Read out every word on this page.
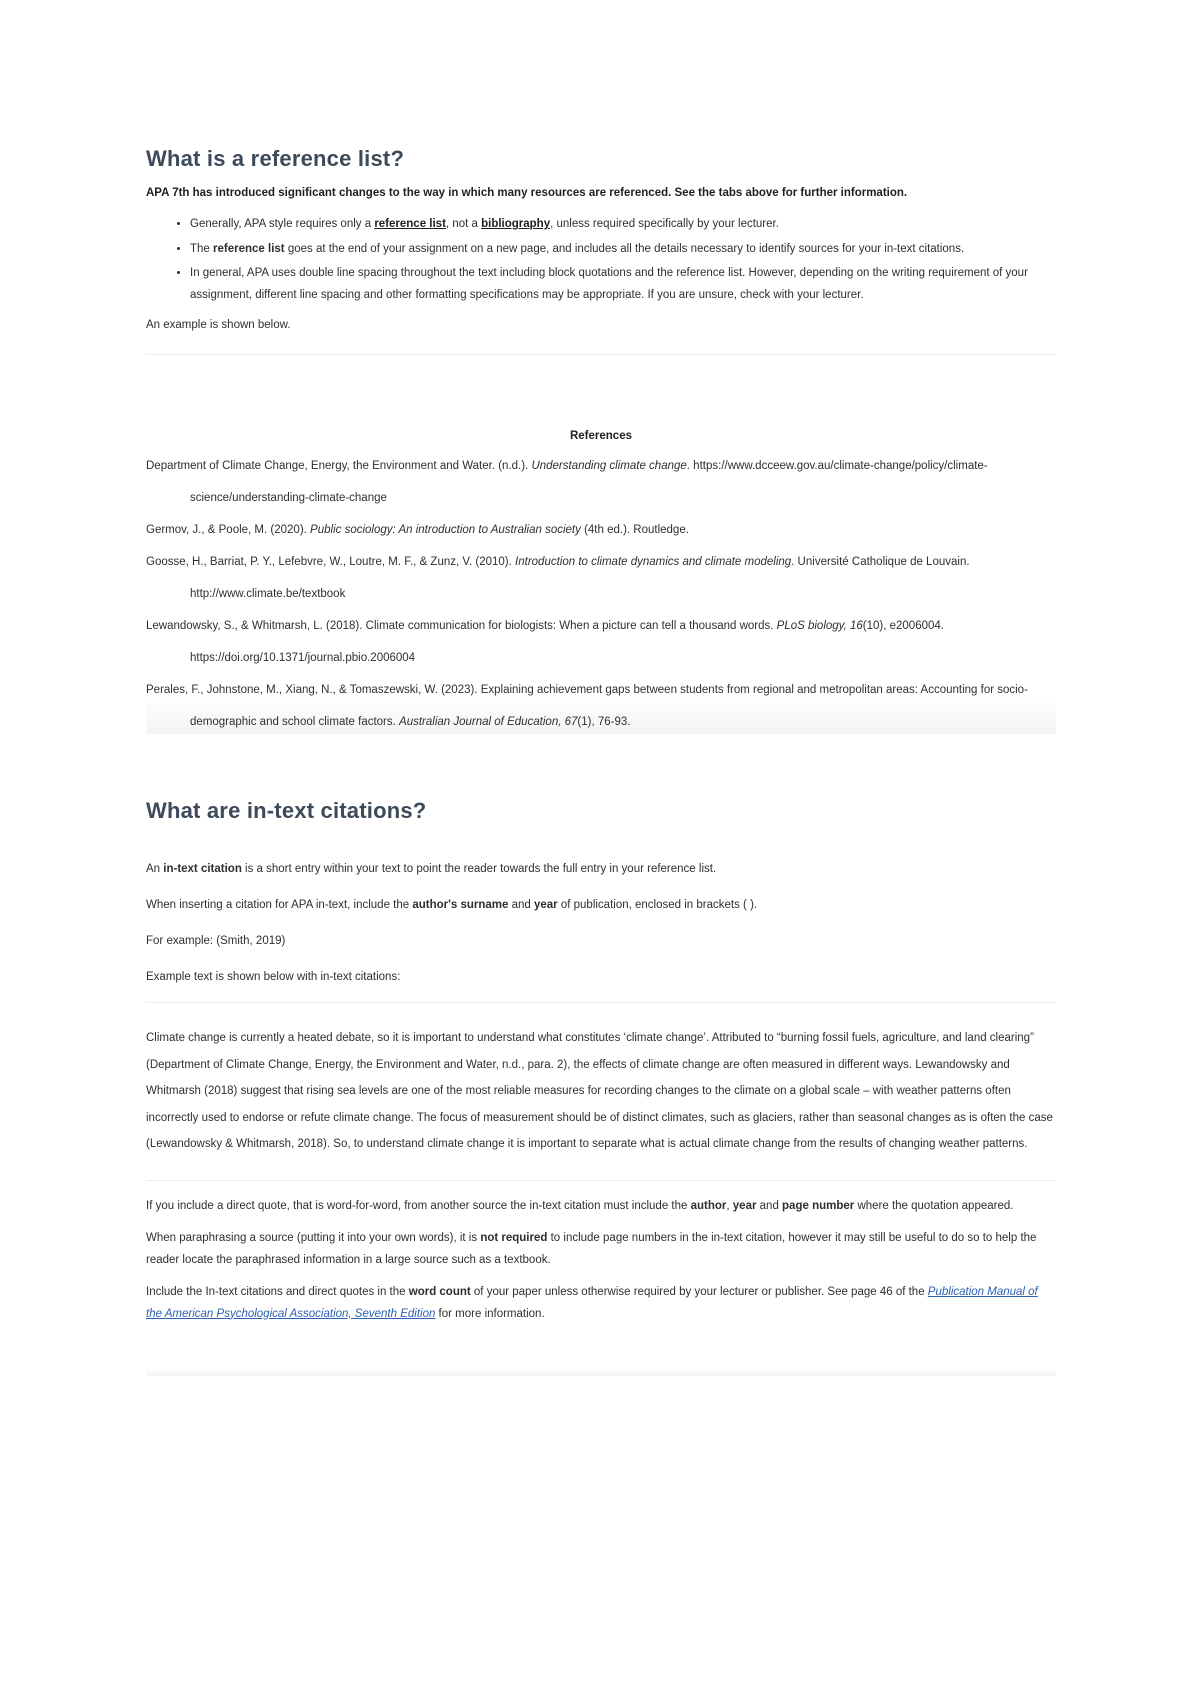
What is a reference list?

APA 7th has introduced significant changes to the way in which many resources are referenced. See the tabs above for further information.

• Generally, APA style requires only a reference list, not a bibliography, unless required specifically by your lecturer.
• The reference list goes at the end of your assignment on a new page, and includes all the details necessary to identify sources for your in-text citations.
• In general, APA uses double line spacing throughout the text including block quotations and the reference list. However, depending on the writing requirement of your assignment, different line spacing and other formatting specifications may be appropriate. If you are unsure, check with your lecturer.

An example is shown below.

References

Department of Climate Change, Energy, the Environment and Water. (n.d.). Understanding climate change. https://www.dcceew.gov.au/climate-change/policy/climate-science/understanding-climate-change

Germov, J., & Poole, M. (2020). Public sociology: An introduction to Australian society (4th ed.). Routledge.

Goosse, H., Barriat, P. Y., Lefebvre, W., Loutre, M. F., & Zunz, V. (2010). Introduction to climate dynamics and climate modeling. Université Catholique de Louvain. http://www.climate.be/textbook

Lewandowsky, S., & Whitmarsh, L. (2018). Climate communication for biologists: When a picture can tell a thousand words. PLoS biology, 16(10), e2006004. https://doi.org/10.1371/journal.pbio.2006004

Perales, F., Johnstone, M., Xiang, N., & Tomaszewski, W. (2023). Explaining achievement gaps between students from regional and metropolitan areas: Accounting for socio-demographic and school climate factors. Australian Journal of Education, 67(1), 76-93.

What are in-text citations?

An in-text citation is a short entry within your text to point the reader towards the full entry in your reference list.

When inserting a citation for APA in-text, include the author's surname and year of publication, enclosed in brackets ( ).

For example: (Smith, 2019)

Example text is shown below with in-text citations:

Climate change is currently a heated debate, so it is important to understand what constitutes ‘climate change’. Attributed to “burning fossil fuels, agriculture, and land clearing” (Department of Climate Change, Energy, the Environment and Water, n.d., para. 2), the effects of climate change are often measured in different ways. Lewandowsky and Whitmarsh (2018) suggest that rising sea levels are one of the most reliable measures for recording changes to the climate on a global scale – with weather patterns often incorrectly used to endorse or refute climate change. The focus of measurement should be of distinct climates, such as glaciers, rather than seasonal changes as is often the case (Lewandowsky & Whitmarsh, 2018). So, to understand climate change it is important to separate what is actual climate change from the results of changing weather patterns.

If you include a direct quote, that is word-for-word, from another source the in-text citation must include the author, year and page number where the quotation appeared.

When paraphrasing a source (putting it into your own words), it is not required to include page numbers in the in-text citation, however it may still be useful to do so to help the reader locate the paraphrased information in a large source such as a textbook.

Include the In-text citations and direct quotes in the word count of your paper unless otherwise required by your lecturer or publisher. See page 46 of the Publication Manual of the American Psychological Association, Seventh Edition for more information.
